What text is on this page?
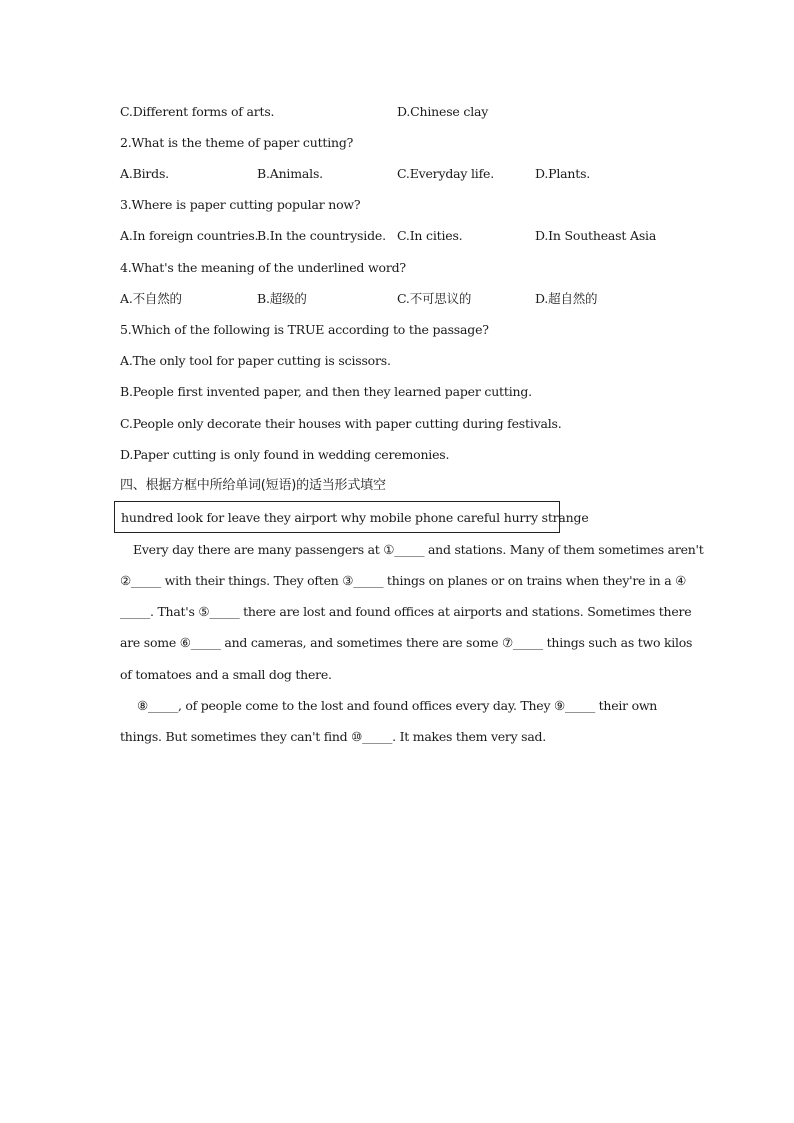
C.Different forms of arts.	D.Chinese clay
2.What is the theme of paper cutting?
A.Birds.	B.Animals.	C.Everyday life.	D.Plants.
3.Where is paper cutting popular now?
A.In foreign countries.
B.In the countryside. C.In cities.	D.In Southeast Asia
4.What's the meaning of the underlined word?
A.不自然的	B.超级的	C.不可思议的	D.超自然的
5.Which of the following is TRUE according to the passage?
A.The only tool for paper cutting is scissors.
B.People first invented paper, and then they learned paper cutting.
C.People only decorate their houses with paper cutting during festivals.
D.Paper cutting is only found in wedding ceremonies.
四、根据方框中所给单词(短语)的适当形式填空
hundred look for leave they airport why mobile phone careful hurry strange
Every day there are many passengers at ①_____ and stations. Many of them sometimes aren't
②_____ with their things. They often ③_____ things on planes or on trains when they're in a ④
_____. That's ⑤_____ there are lost and found offices at airports and stations. Sometimes there
are some ⑥_____ and cameras, and sometimes there are some ⑦_____ things such as two kilos
of tomatoes and a small dog there.
⑧_____, of people come to the lost and found offices every day. They ⑨_____ their own
things. But sometimes they can't find ⑩_____. It makes them very sad.
